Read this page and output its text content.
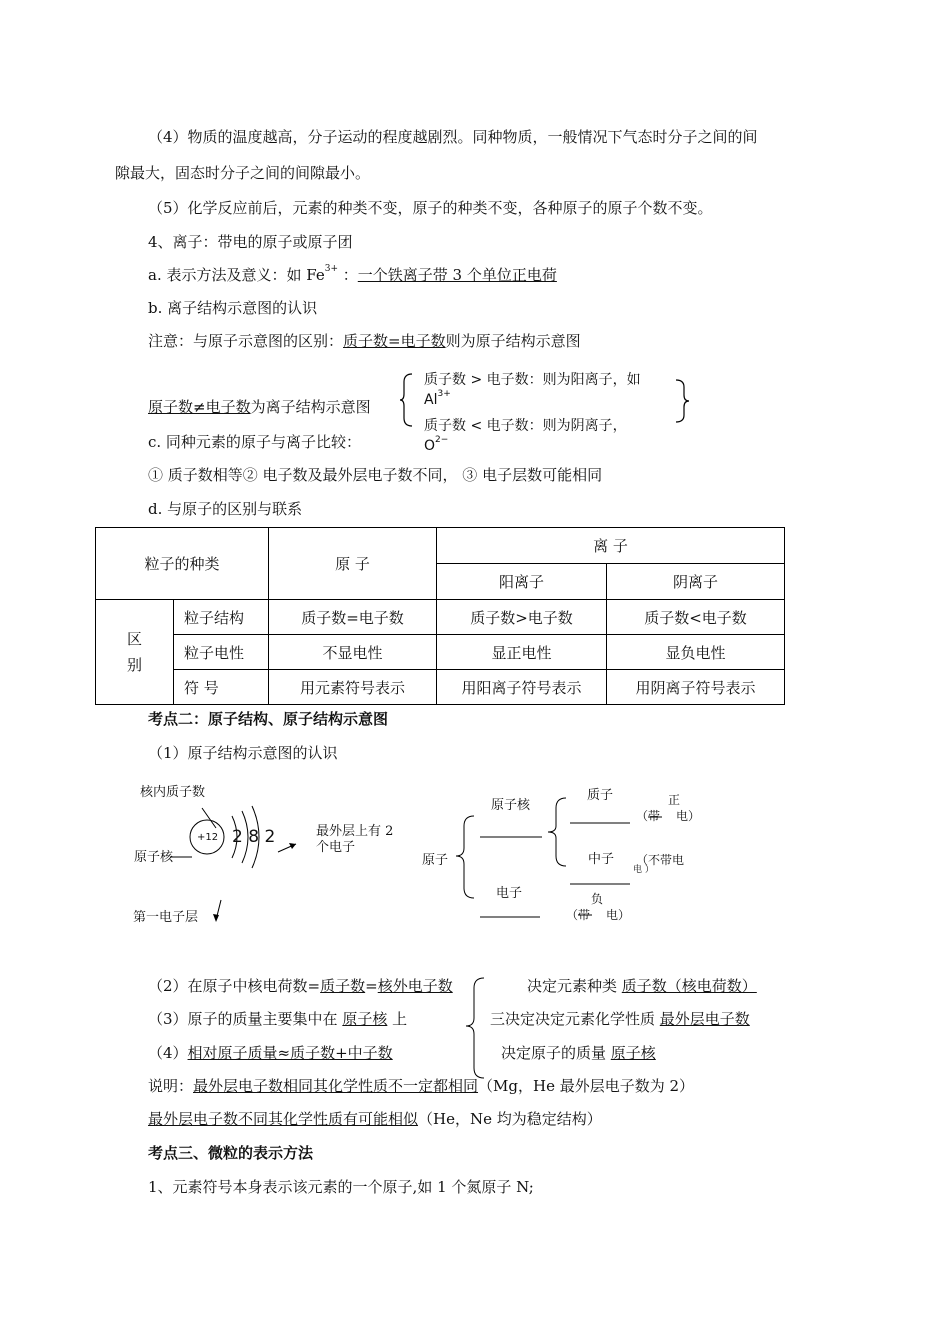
（4）物质的温度越高，分子运动的程度越剧烈。同种物质，一般情况下气态时分子之间的间
隙最大，固态时分子之间的间隙最小。
（5）化学反应前后，元素的种类不变，原子的种类不变，各种原子的原子个数不变。
4、离子：带电的原子或原子团
a. 表示方法及意义：如 $Fe^{3+}$ ：一个铁离子带 3 个单位正电荷
b. 离子结构示意图的认识
注意：与原子示意图的区别：质子数=电子数则为原子结构示意图
原子数≠电子数为离子结构示意图
质子数 > 电子数：则为阳离子，如
$Al^{3+}$
质子数 < 电子数：则为阴离子，
$O^{2-}$
c. 同种元素的原子与离子比较：
① 质子数相等② 电子数及最外层电子数不同， ③ 电子层数可能相同
d. 与原子的区别与联系
粒子的种类		原 子	离 子	
			阳离子	阴离子
区
别	粒子结构	质子数=电子数	质子数>电子数	质子数<电子数
	粒子电性	不显电性	显正电性	显负电性
	符 号	用元素符号表示	用阳离子符号表示	用阴离子符号表示
考点二：原子结构、原子结构示意图
（1）原子结构示意图的认识
核内质子数
+12 2 8 2	最外层上有 2
个电子
原子核
第一电子层
原子核
质子	正
（带 电）
原子	中子 （不带电
电 ）
电子	负
（带 电）
（2）在原子中核电荷数=质子数=核外电子数
（3）原子的质量主要集中在 原子核 上
（4）相对原子质量≈质子数+中子数
决定元素种类 质子数（核电荷数）
三决定决定元素化学性质 最外层电子数
决定原子的质量 原子核
说明：最外层电子数相同其化学性质不一定都相同（Mg，He 最外层电子数为 2）
最外层电子数不同其化学性质有可能相似（He，Ne 均为稳定结构）
考点三、微粒的表示方法
1、元素符号本身表示该元素的一个原子,如 1 个氮原子 N;
